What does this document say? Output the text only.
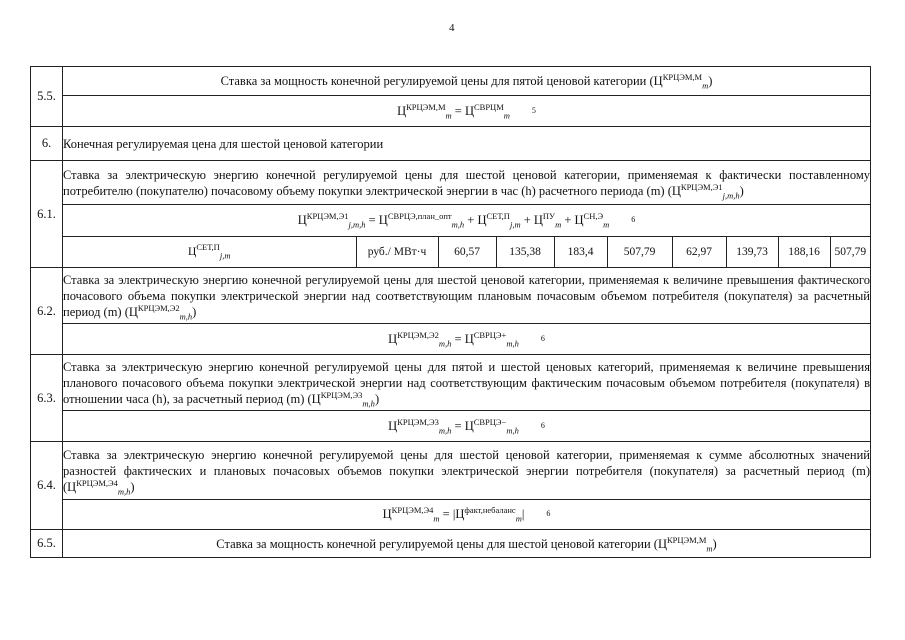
4
5.5.	Ставка за мощность конечной регулируемой цены для пятой ценовой категории $(Ц^{КРЦЭМ,М}_m)$
$Ц^{КРЦЭМ,М}_m = Ц^{СВРЦМ}_m$	5
6.	Конечная регулируемая цена для шестой ценовой категории
6.1.	Ставка за электрическую энергию конечной регулируемой цены для шестой ценовой категории, применяемая к фактически поставленному потребителю (покупателю) почасовому объему покупки электрической энергии в час (h) расчетного периода (m) $(Ц^{КРЦЭМ,Э1}_{j,m,h})$
$Ц^{КРЦЭМ,Э1}_{j,m,h} = Ц^{СВРЦЭ,план\_опт}_{m,h} + Ц^{СЕТ,П}_{j,m} + Ц^{ПУ}_m + Ц^{СН,Э}_m$	6

$Ц^{СЕТ,П}_{j,m}$	руб./ МВт·ч	60,57	135,38	183,4	507,79	62,97	139,73	188,16	507,79

6.2.	Ставка за электрическую энергию конечной регулируемой цены для шестой ценовой категории, применяемая к величине превышения фактического почасового объема покупки электрической энергии над соответствующим плановым почасовым объемом потребителя (покупателя) за расчетный период (m) $(Ц^{КРЦЭМ,Э2}_{m,h})$
$Ц^{КРЦЭМ,Э2}_{m,h} = Ц^{СВРЦЭ+}_{m,h}$	6
6.3.	Ставка за электрическую энергию конечной регулируемой цены для пятой и шестой ценовых категорий, применяемая к величине превышения планового почасового объема покупки электрической энергии над соответствующим фактическим почасовым объемом потребителя (покупателя) в отношении часа (h), за расчетный период (m) $(Ц^{КРЦЭМ,Э3}_{m,h})$
$Ц^{КРЦЭМ,Э3}_{m,h} = Ц^{СВРЦЭ-}_{m,h}$	6
6.4.	Ставка за электрическую энергию конечной регулируемой цены для шестой ценовой категории, применяемая к сумме абсолютных значений разностей фактических и плановых почасовых объемов покупки электрической энергии потребителя (покупателя) за расчетный период (m) $(Ц^{КРЦЭМ,Э4}_{m,h})$
$Ц^{КРЦЭМ,Э4}_m = |Ц^{факт,небаланс}_m|$	6
6.5.	Ставка за мощность конечной регулируемой цены для шестой ценовой категории $(Ц^{КРЦЭМ,М}_m)$
